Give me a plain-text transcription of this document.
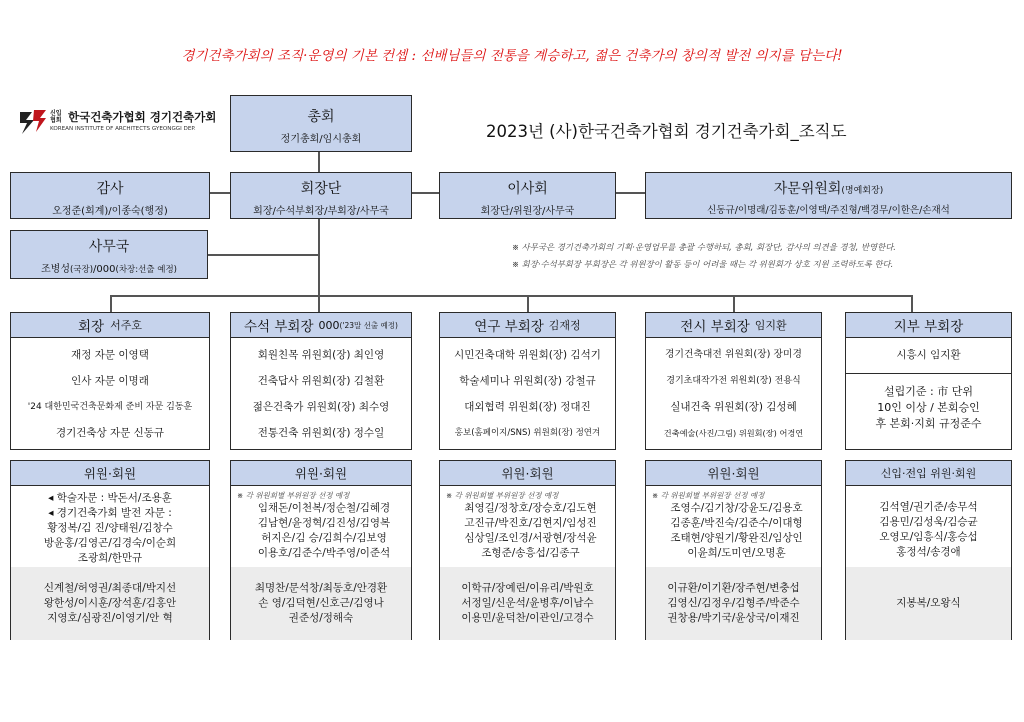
경기건축가회의 조직·운영의 기본 컨셉 : 선배님들의 전통을 계승하고, 젊은 건축가의 창의적 발전 의지를 담는다!
신입 협회 한국건축가협회 경기건축가회
KOREAN INSTITUTE OF ARCHITECTS GYEONGGI DEP.	2023년 (사)한국건축가협회 경기건축가회_조직도
총회
정기총회/임시총회
감사
오정준(회계)/이종숙(행정)
회장단
회장/수석부회장/부회장/사무국
이사회
회장단/위원장/사무국
자문위원회(명예회장)
신동규/이명래/김동훈/이영택/주진형/백경무/이한은/손재석
사무국
조병성(국장)/000(차장:선출 예정)
※ 사무국은 경기건축가회의 기획·운영업무를 총괄 수행하되, 총회, 회장단, 감사의 의견을 경청, 반영한다.
※ 회장·수석부회장 부회장은 각 위원장이 활동 등이 어려울 때는 각 위원회가 상호 지원 조력하도록 한다.
회장 서주호
재정 자문 이영택
인사 자문 이명래
'24 대한민국건축문화제 준비 자문 김동훈
경기건축상 자문 신동규
위원·회원
◂ 학술자문 : 박돈서/조용훈
◂ 경기건축가회 발전 자문 :
황정복/김 진/양태원/김창수
방윤홍/김영곤/김경숙/이순희
조광희/한만규
신계철/허영권/최종대/박지선
왕한성/이시훈/장석훈/김홍안
지영호/심광진/이영기/안 혁
수석 부회장 000 ('23말 선출 예정)
회원친목 위원회(장) 최인영
건축답사 위원회(장) 김철환
젊은건축가 위원회(장) 최수영
전통건축 위원회(장) 정수일
위원·회원
※ 각 위원회별 부위원장 선정 예정
임채돈/이천복/정순철/김혜경
김남현/윤정혁/김진성/김영복
허지은/김 승/김희수/김보영
이용호/김준수/박주영/이준석
최명찬/문석창/최동호/안경환
손 영/김덕현/신호근/김영나
권준성/정해숙
연구 부회장 김재정
시민건축대학 위원회(장) 김석기
학술세미나 위원회(장) 강철규
대외협력 위원회(장) 정대진
홍보(홈페이지/SNS) 위원회(장) 정연겨
위원·회원
※ 각 위원회별 부위원장 선정 예정
최영길/정창호/장승호/김도현
고진규/박진호/김현지/임성진
심상일/조인경/서광현/장석윤
조형준/송흥섭/김종구
이학규/장예린/이유리/박원호
서정일/신운석/윤병후/이남수
이용민/윤덕찬/이관인/고경수
전시 부회장 임지환
경기건축대전 위원회(장) 장미경
경기초대작가전 위원회(장) 전용식
실내건축 위원회(장) 김성혜
건축예술(사진/그림) 위원회(장) 어경연
위원·회원
※ 각 위원회별 부위원장 선정 예정
조영수/김기창/강윤도/김용호
김종훈/박진숙/김준수/이대형
조태현/양원기/황완진/임상인
이윤희/도미연/오명훈
이규환/이기환/장주현/변충섭
김영신/김정우/김형주/박준수
권창용/박기국/윤상국/이재진
지부 부회장
시흥시 임지환
설립기준 : 市 단위
10인 이상 / 본회승인
후 본회·지회 규정준수
신입·전입 위원·회원
김석열/권기준/송무석
김용민/김성욱/김승균
오영모/임흥식/홍승섭
홍정석/송경애
지봉복/오왕식
